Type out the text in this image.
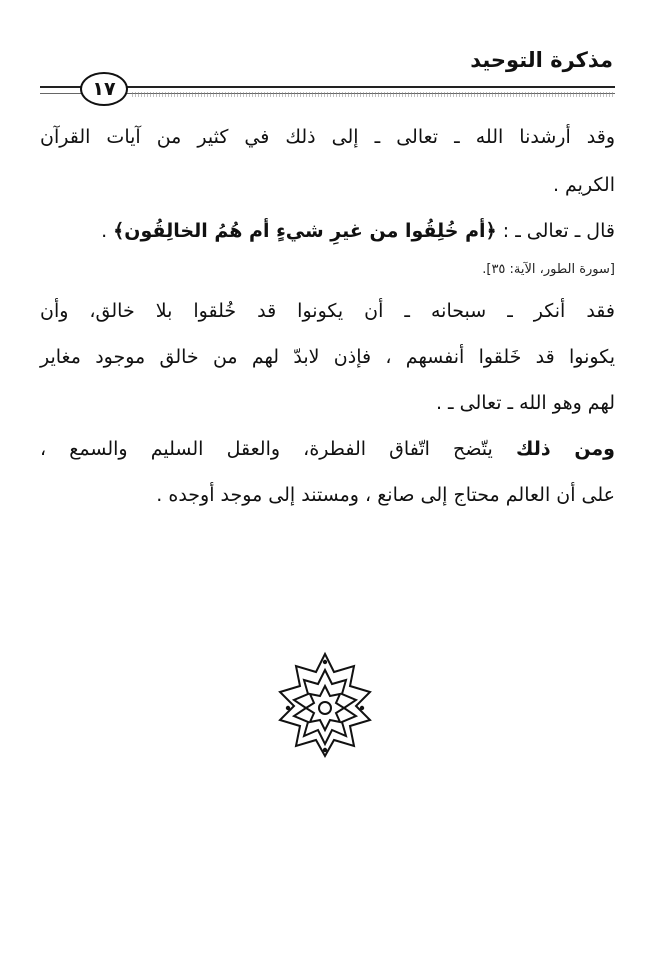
مذكرة التوحيد
١٧
وقد أرشدنا الله ـ تعالى ـ إلى ذلك في كثير من آيات القرآن
الكريم .
قال ـ تعالى ـ : ﴿أم خُلِقُوا من غيرِ شيءٍ أم هُمُ الخالِقُون﴾ .
[سورة الطور، الآية: ٣٥].
فقد أنكر ـ سبحانه ـ أن يكونوا قد خُلقوا بلا خالق، وأن
يكونوا قد خَلقوا أنفسهم ، فإذن لابدّ لهم من خالق موجود مغاير
لهم وهو الله ـ تعالى ـ .
ومن ذلك يتّضح اتّفاق الفطرة، والعقل السليم والسمع ،
على أن العالم محتاج إلى صانع ، ومستند إلى موجد أوجده .
